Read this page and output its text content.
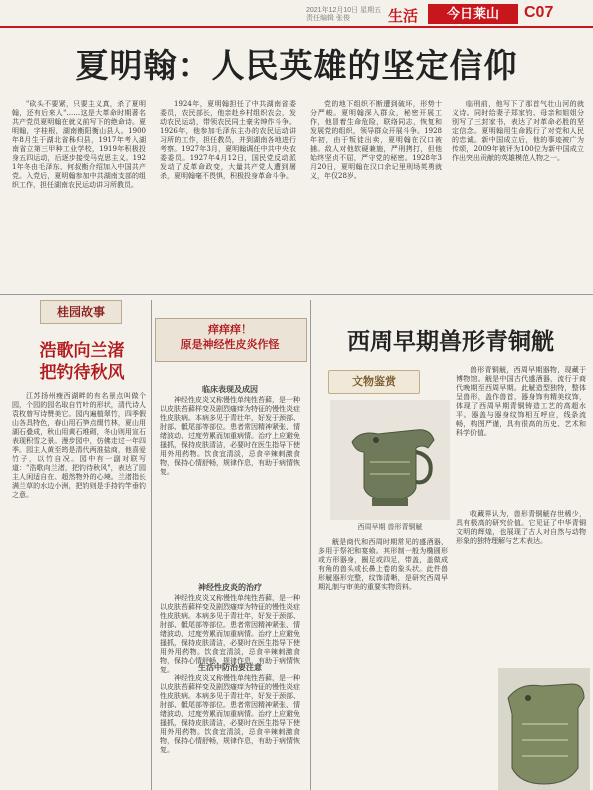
2021年12月10日 星期五
责任编辑 张俊	生活	今日莱山	C07
夏明翰：人民英雄的坚定信仰

"砍头不要紧，只要主义真，杀了夏明翰，还有后来人"……这是大革命时期著名共产党员夏明翰在就义前写下的绝命诗。夏明翰，字桂根，湖南衡阳衡山县人。1900年8月生于湖北省秭归县，1917年考入湖南省立第三甲种工业学校，1919年积极投身五四运动，后逐步接受马克思主义。1921年冬由毛泽东、何叔衡介绍加入中国共产党。入党后，夏明翰参加中共湖南支部的组织工作，担任湖南农民运动讲习所教员。

1924年，夏明翰担任了中共湖南省委委员，农民部长，他亲赴乡村组织农会，发动农民运动，带领农民同土豪劣绅作斗争。1926年，他参加毛泽东主办的农民运动讲习所的工作，担任教员，并到湖南各地进行考察。1927年3月，夏明翰调任中共中央农委委员。1927年4月12日，国民党反动派发动了反革命政变，大量共产党人遭到屠杀，夏明翰毫不畏惧，积极投身革命斗争。

党的地下组织不断遭到破坏，形势十分严峻。夏明翰深入群众，秘密开展工作，他冒着生命危险，联络同志，恢复和发展党的组织，领导群众开展斗争。1928年初，由于叛徒出卖，夏明翰在汉口被捕。敌人对他软硬兼施，严刑拷打，但他始终坚贞不屈，严守党的秘密。1928年3月20日，夏明翰在汉口余记里刑场英勇就义，年仅28岁。

临刑前，他写下了那首气壮山河的就义诗。同时给妻子郑家钧、母亲和姐姐分别写了三封家书，表达了对革命必胜的坚定信念。夏明翰用生命践行了对党和人民的忠诚。新中国成立后，他的事迹被广为传颂，2009年被评为100位为新中国成立作出突出贡献的英雄模范人物之一。

桂园故事
浩歌向兰渚
把钓待秋风

江苏扬州瘦西湖畔的有名景点叫做个园，个园的园名取自竹叶的形状，清代诗人袁枚曾写诗赞美它。园内遍植翠竹，四季假山各具特色，春山用石笋点缀竹林，夏山用湖石叠成，秋山用黄石堆砌，冬山则用宣石表现积雪之景。漫步园中，仿佛走过一年四季。园主人黄至筠是清代两淮盐商，他喜爱竹子，以竹自况。园中有一副对联写道："浩歌向兰渚，把钓待秋风"，表达了园主人闲适自在、超然物外的心境。兰渚指长满兰草的水边小洲，把钓则是手持钓竿垂钓之意。

痒痒痒！
原是神经性皮炎作怪
临床表现及成因

神经性皮炎又称慢性单纯性苔藓，是一种以皮肤苔藓样变及剧烈瘙痒为特征的慢性炎症性皮肤病。本病多见于青壮年，好发于颈部、肘部、骶尾部等部位。患者常因精神紧张、情绪波动、过度劳累而加重病情。治疗上应避免搔抓，保持皮肤清洁，必要时在医生指导下使用外用药物。饮食宜清淡，忌食辛辣刺激食物，保持心情舒畅，规律作息，有助于病情恢复。

神经性皮炎的治疗

神经性皮炎又称慢性单纯性苔藓，是一种以皮肤苔藓样变及剧烈瘙痒为特征的慢性炎症性皮肤病。本病多见于青壮年，好发于颈部、肘部、骶尾部等部位。患者常因精神紧张、情绪波动、过度劳累而加重病情。治疗上应避免搔抓，保持皮肤清洁，必要时在医生指导下使用外用药物。饮食宜清淡，忌食辛辣刺激食物，保持心情舒畅，规律作息，有助于病情恢复。	生活中防治要注意

神经性皮炎又称慢性单纯性苔藓，是一种以皮肤苔藓样变及剧烈瘙痒为特征的慢性炎症性皮肤病。本病多见于青壮年，好发于颈部、肘部、骶尾部等部位。患者常因精神紧张、情绪波动、过度劳累而加重病情。治疗上应避免搔抓，保持皮肤清洁，必要时在医生指导下使用外用药物。饮食宜清淡，忌食辛辣刺激食物，保持心情舒畅，规律作息，有助于病情恢复。

西周早期兽形青铜觥
文物鉴赏
西周早期 兽形青铜觥

兽形青铜觥，西周早期器物，现藏于博物馆。觥是中国古代盛酒器，流行于商代晚期至西周早期。此觥造型独特，整体呈兽形，盖作兽首，器身饰有精美纹饰，体现了西周早期青铜铸造工艺的高超水平。器盖与器身纹饰相互呼应，线条流畅，构图严谨，具有很高的历史、艺术和科学价值。

觥是商代和西周时期常见的盛酒器，多用于祭祀和宴飨。其形制一般为椭圆形或方形器身，圈足或四足，带盖，盖做成有角的兽头或长鼻上卷的象头状。此件兽形觥器形完整，纹饰清晰，是研究西周早期礼制与审美的重要实物资料。

收藏界认为，兽形青铜觥存世稀少，具有极高的研究价值。它见证了中华青铜文明的辉煌，也展现了古人对自然与动物形象的独特理解与艺术表达。
